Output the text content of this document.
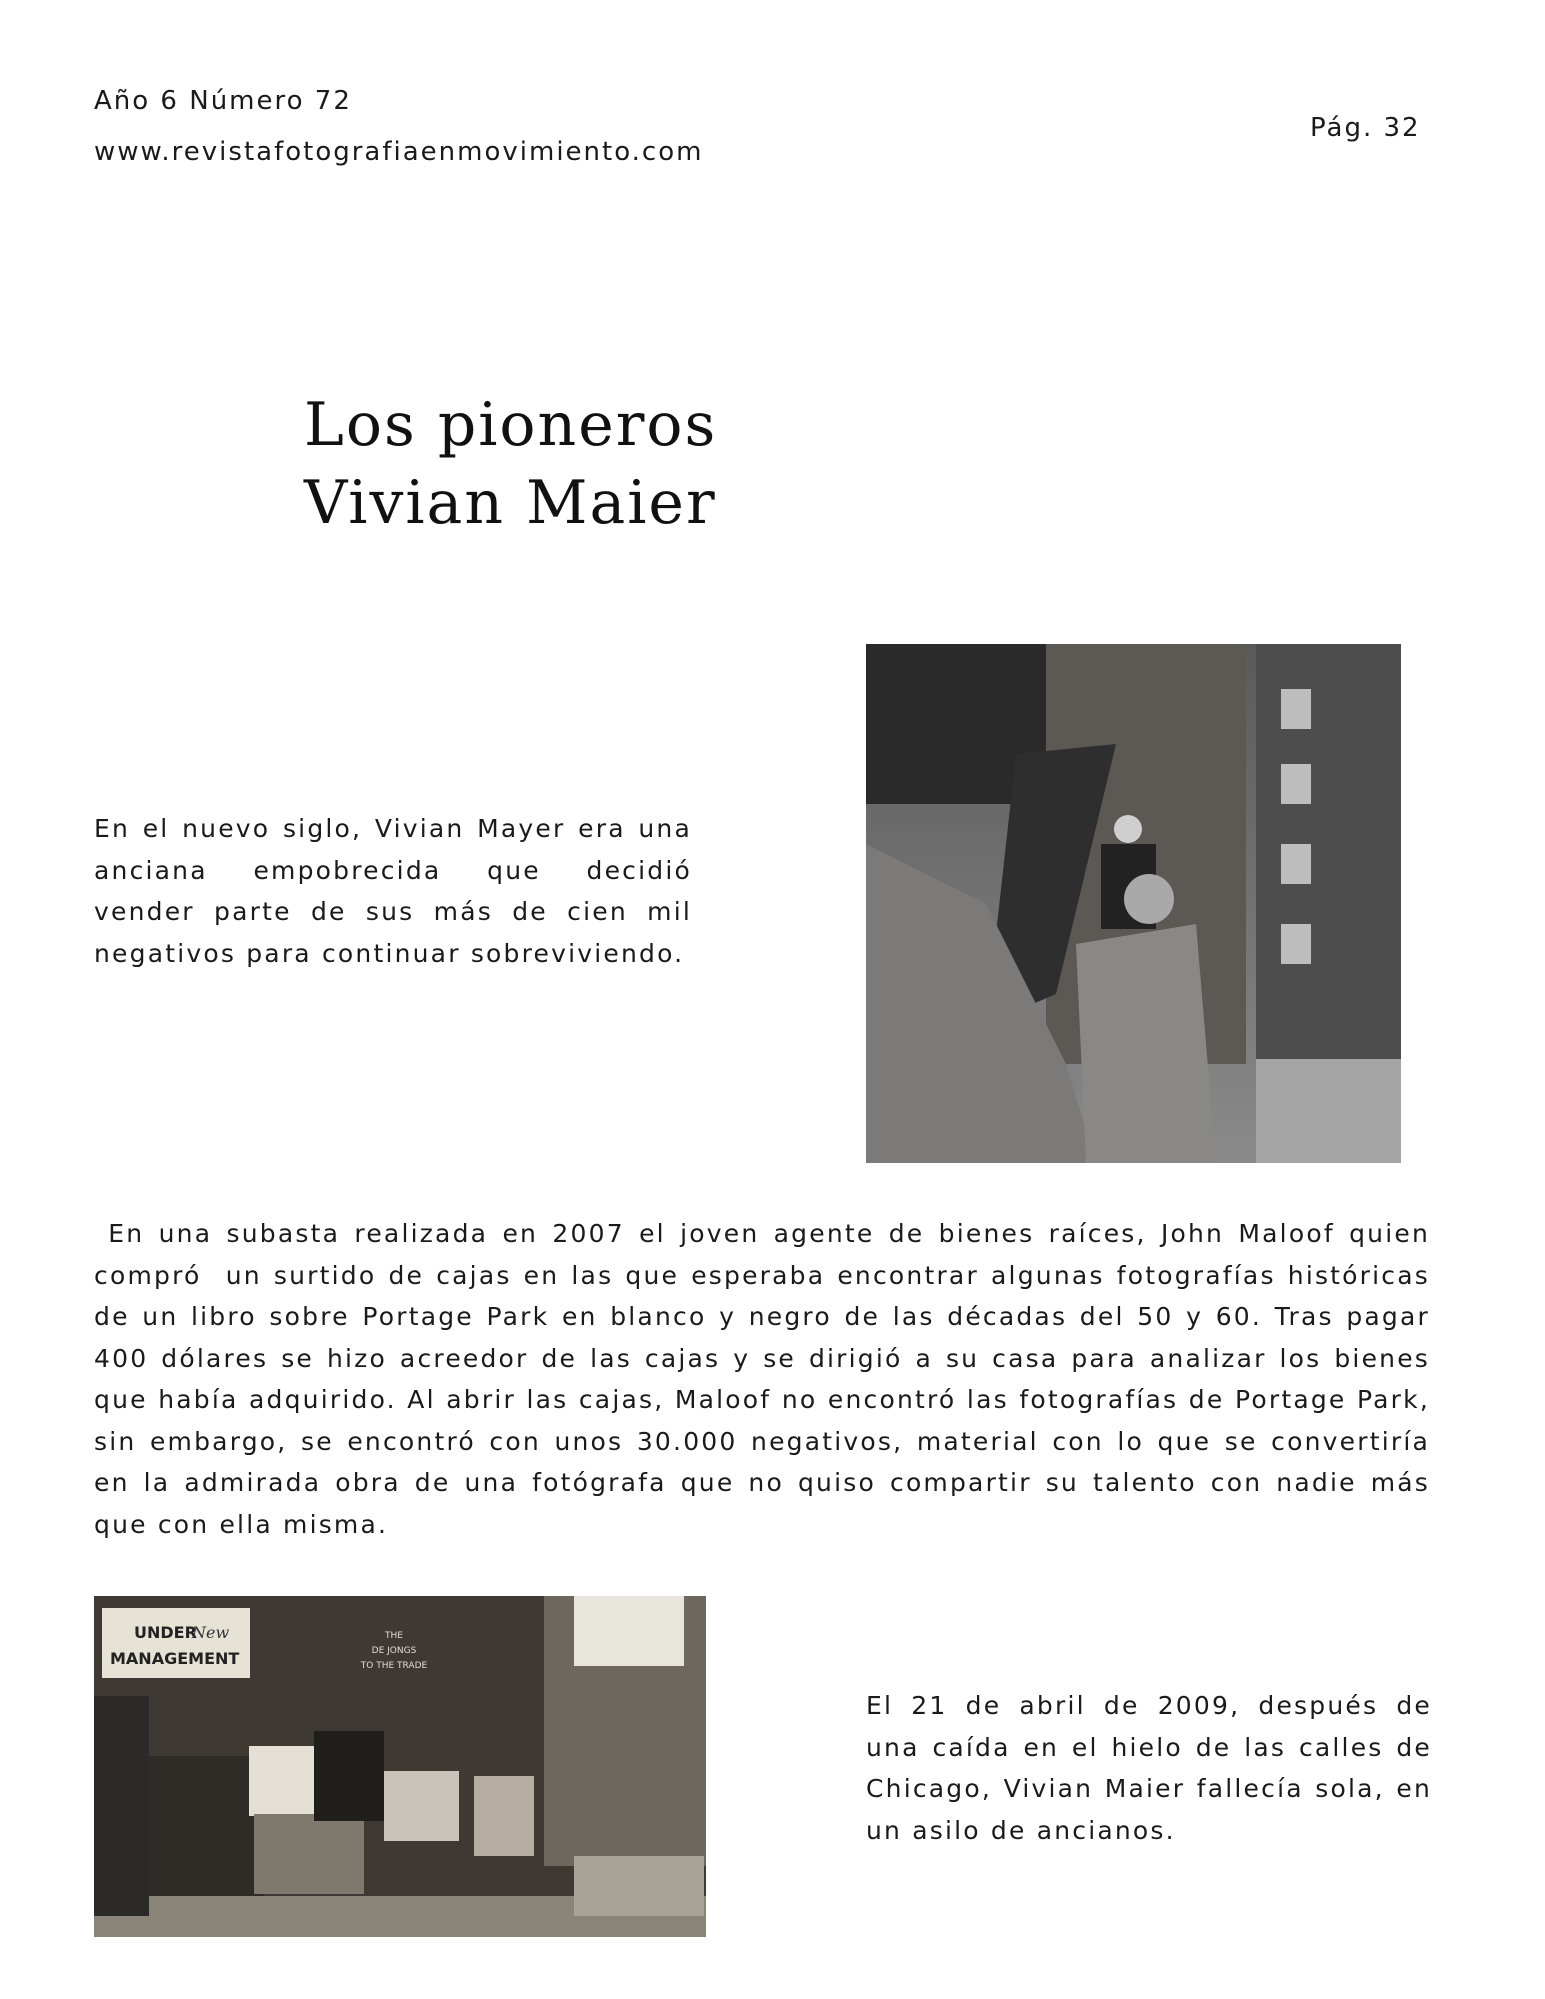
Año 6 Número 72
www.revistafotografiaenmovimiento.com
Pág. 32
Los pioneros
Vivian Maier

En el nuevo siglo, Vivian Mayer era una anciana empobrecida que decidió vender parte de sus más de cien mil negativos para continuar sobreviviendo.

En una subasta realizada en 2007 el joven agente de bienes raíces, John Maloof quien compró  un surtido de cajas en las que esperaba encontrar algunas fotografías históricas de un libro sobre Portage Park en blanco y negro de las décadas del 50 y 60. Tras pagar 400 dólares se hizo acreedor de las cajas y se dirigió a su casa para analizar los bienes que había adquirido. Al abrir las cajas, Maloof no encontró las fotografías de Portage Park, sin embargo, se encontró con unos 30.000 negativos, material con lo que se convertiría en la admirada obra de una fotógrafa que no quiso compartir su talento con nadie más que con ella misma.

UNDER
New
MANAGEMENT
THE
DE JONGS
TO THE TRADE

El 21 de abril de 2009, después de una caída en el hielo de las calles de Chicago, Vivian Maier fallecía sola, en un asilo de ancianos.
